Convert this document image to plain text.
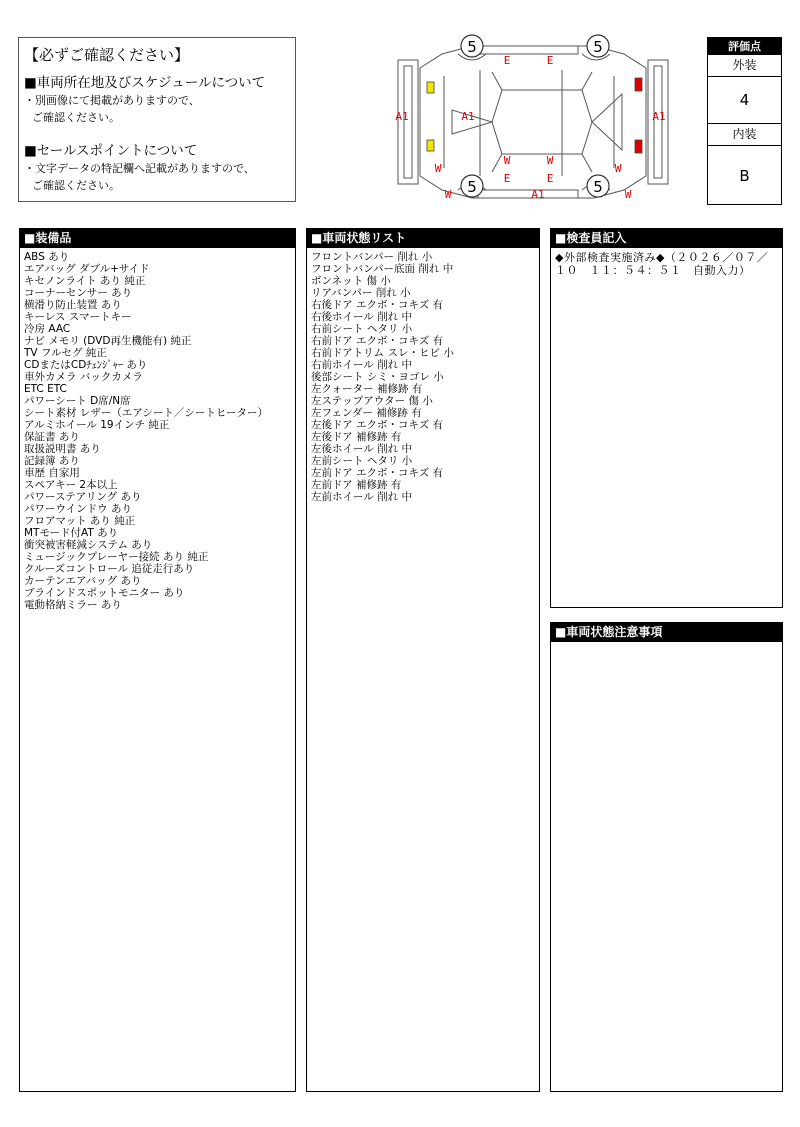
【必ずご確認ください】
■車両所在地及びスケジュールについて
・別画像にて掲載がありますので、
ご確認ください。
■セールスポイントについて
・文字データの特記欄へ記載がありますので、
ご確認ください。
5	5
5	5
E	E
E	E
A1	A1	A1
A1
W
W	W
W
W	W
評価点
外装
4
内装
B
■装備品
ABS あり
エアバッグ ダブル+サイド
キセノンライト あり 純正
コーナーセンサー あり
横滑り防止装置 あり
キーレス スマートキー
冷房 AAC
ナビ メモリ (DVD再生機能有) 純正
TV フルセグ 純正
CDまたはCDﾁｪﾝｼﾞｬｰ あり
車外カメラ バックカメラ
ETC ETC
パワーシート D席/N席
シート素材 レザー（エアシート／シートヒーター）
アルミホイール 19インチ 純正
保証書 あり
取扱説明書 あり
記録簿 あり
車歴 自家用
スペアキー 2本以上
パワーステアリング あり
パワーウインドウ あり
フロアマット あり 純正
MTモード付AT あり
衝突被害軽減システム あり
ミュージックプレーヤー接続 あり 純正
クルーズコントロール 追従走行あり
カーテンエアバッグ あり
ブラインドスポットモニター あり
電動格納ミラー あり
■車両状態リスト
フロントバンパー 削れ 小
フロントバンパー底面 削れ 中
ボンネット 傷 小
リアバンパー 削れ 小
右後ドア エクボ・コキズ 有
右後ホイール 削れ 中
右前シート ヘタリ 小
右前ドア エクボ・コキズ 有
右前ドアトリム スレ・ヒビ 小
右前ホイール 削れ 中
後部シート シミ・ヨゴレ 小
左クォーター 補修跡 有
左ステップアウター 傷 小
左フェンダー 補修跡 有
左後ドア エクボ・コキズ 有
左後ドア 補修跡 有
左後ホイール 削れ 中
左前シート ヘタリ 小
左前ドア エクボ・コキズ 有
左前ドア 補修跡 有
左前ホイール 削れ 中
■検査員記入
◆外部検査実施済み◆（２０２６／０７／１０　１１：５４：５１　自動入力）
■車両状態注意事項
